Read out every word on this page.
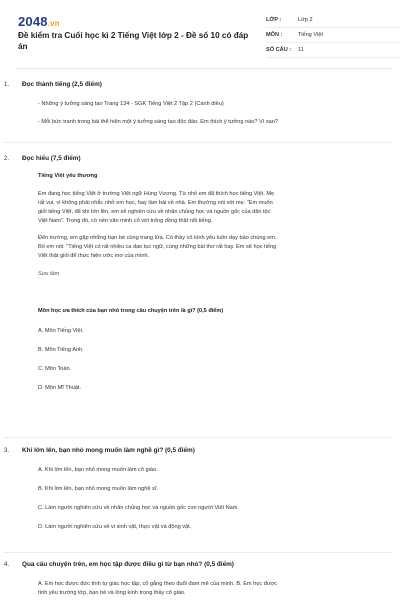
2048.vn
Đề kiểm tra Cuối học kì 2 Tiếng Việt lớp 2 - Đề số 10 có đáp án
LỚP :	Lớp 2
MÔN :	Tiếng Việt
SỐ CÂU :	11
1. Đọc thành tiếng (2,5 điểm)
- Những ý tưởng sáng tạo Trang 134 - SGK Tiếng Việt 2 Tập 2 (Cánh diều)
- Mỗi bức tranh trong bài thể hiện một ý tưởng sáng tạo độc đáo. Em thích ý tưởng nào? Vì sao?
2. Đọc hiểu (7,5 điểm)
Tiếng Việt yêu thương
Em đang học tiếng Việt ở trường Việt ngữ Hùng Vương. Từ nhỏ em đã thích học tiếng Việt. Mẹ
rất vui, vì không phải nhắc nhở em học, hay làm bài về nhà. Em thường nói với mẹ: "Em muốn
giỏi tiếng Việt, để khi lớn lên, em sẽ nghiên cứu về nhân chủng học và nguồn gốc của dân tộc
Việt Nam". Trong đó, có nền văn minh cổ với trống đồng thật nổi tiếng.
Đến trường, em gặp những bạn bè cùng trang lứa. Có thầy cô kính yêu luôn dạy bảo chúng em.
Bố em nói: "Tiếng Việt có rất nhiều ca dao tục ngữ, cùng những bài thơ rất hay. Em sẽ học tiếng
Việt thật giỏi để thực hiện ước mơ của mình.
Sưu tầm
Môn học ưa thích của bạn nhỏ trong câu chuyện trên là gì? (0,5 điểm)
A. Môn Tiếng Việt.
B. Môn Tiếng Anh.
C. Môn Toán.
D. Môn Mĩ Thuật.
3. Khi lớn lên, bạn nhỏ mong muốn làm nghề gì? (0,5 điểm)
A. Khi lớn lên, bạn nhỏ mong muốn làm cô giáo.
B. Khi lớn lên, bạn nhỏ mong muốn làm nghệ sĩ.
C. Làm người nghiên cứu về nhân chủng học và nguồn gốc con người Việt Nam.
D. Làm người nghiên cứu về vi sinh vật, thực vật và động vật.
4. Qua câu chuyện trên, em học tập được điều gì từ bạn nhỏ? (0,5 điểm)
A. Em học được đức tính tự giác học tập, cố gắng theo đuổi đam mê của mình. B. Em học được
tình yêu trường lớp, bạn bè và lòng kính trọng thầy cô giáo.
